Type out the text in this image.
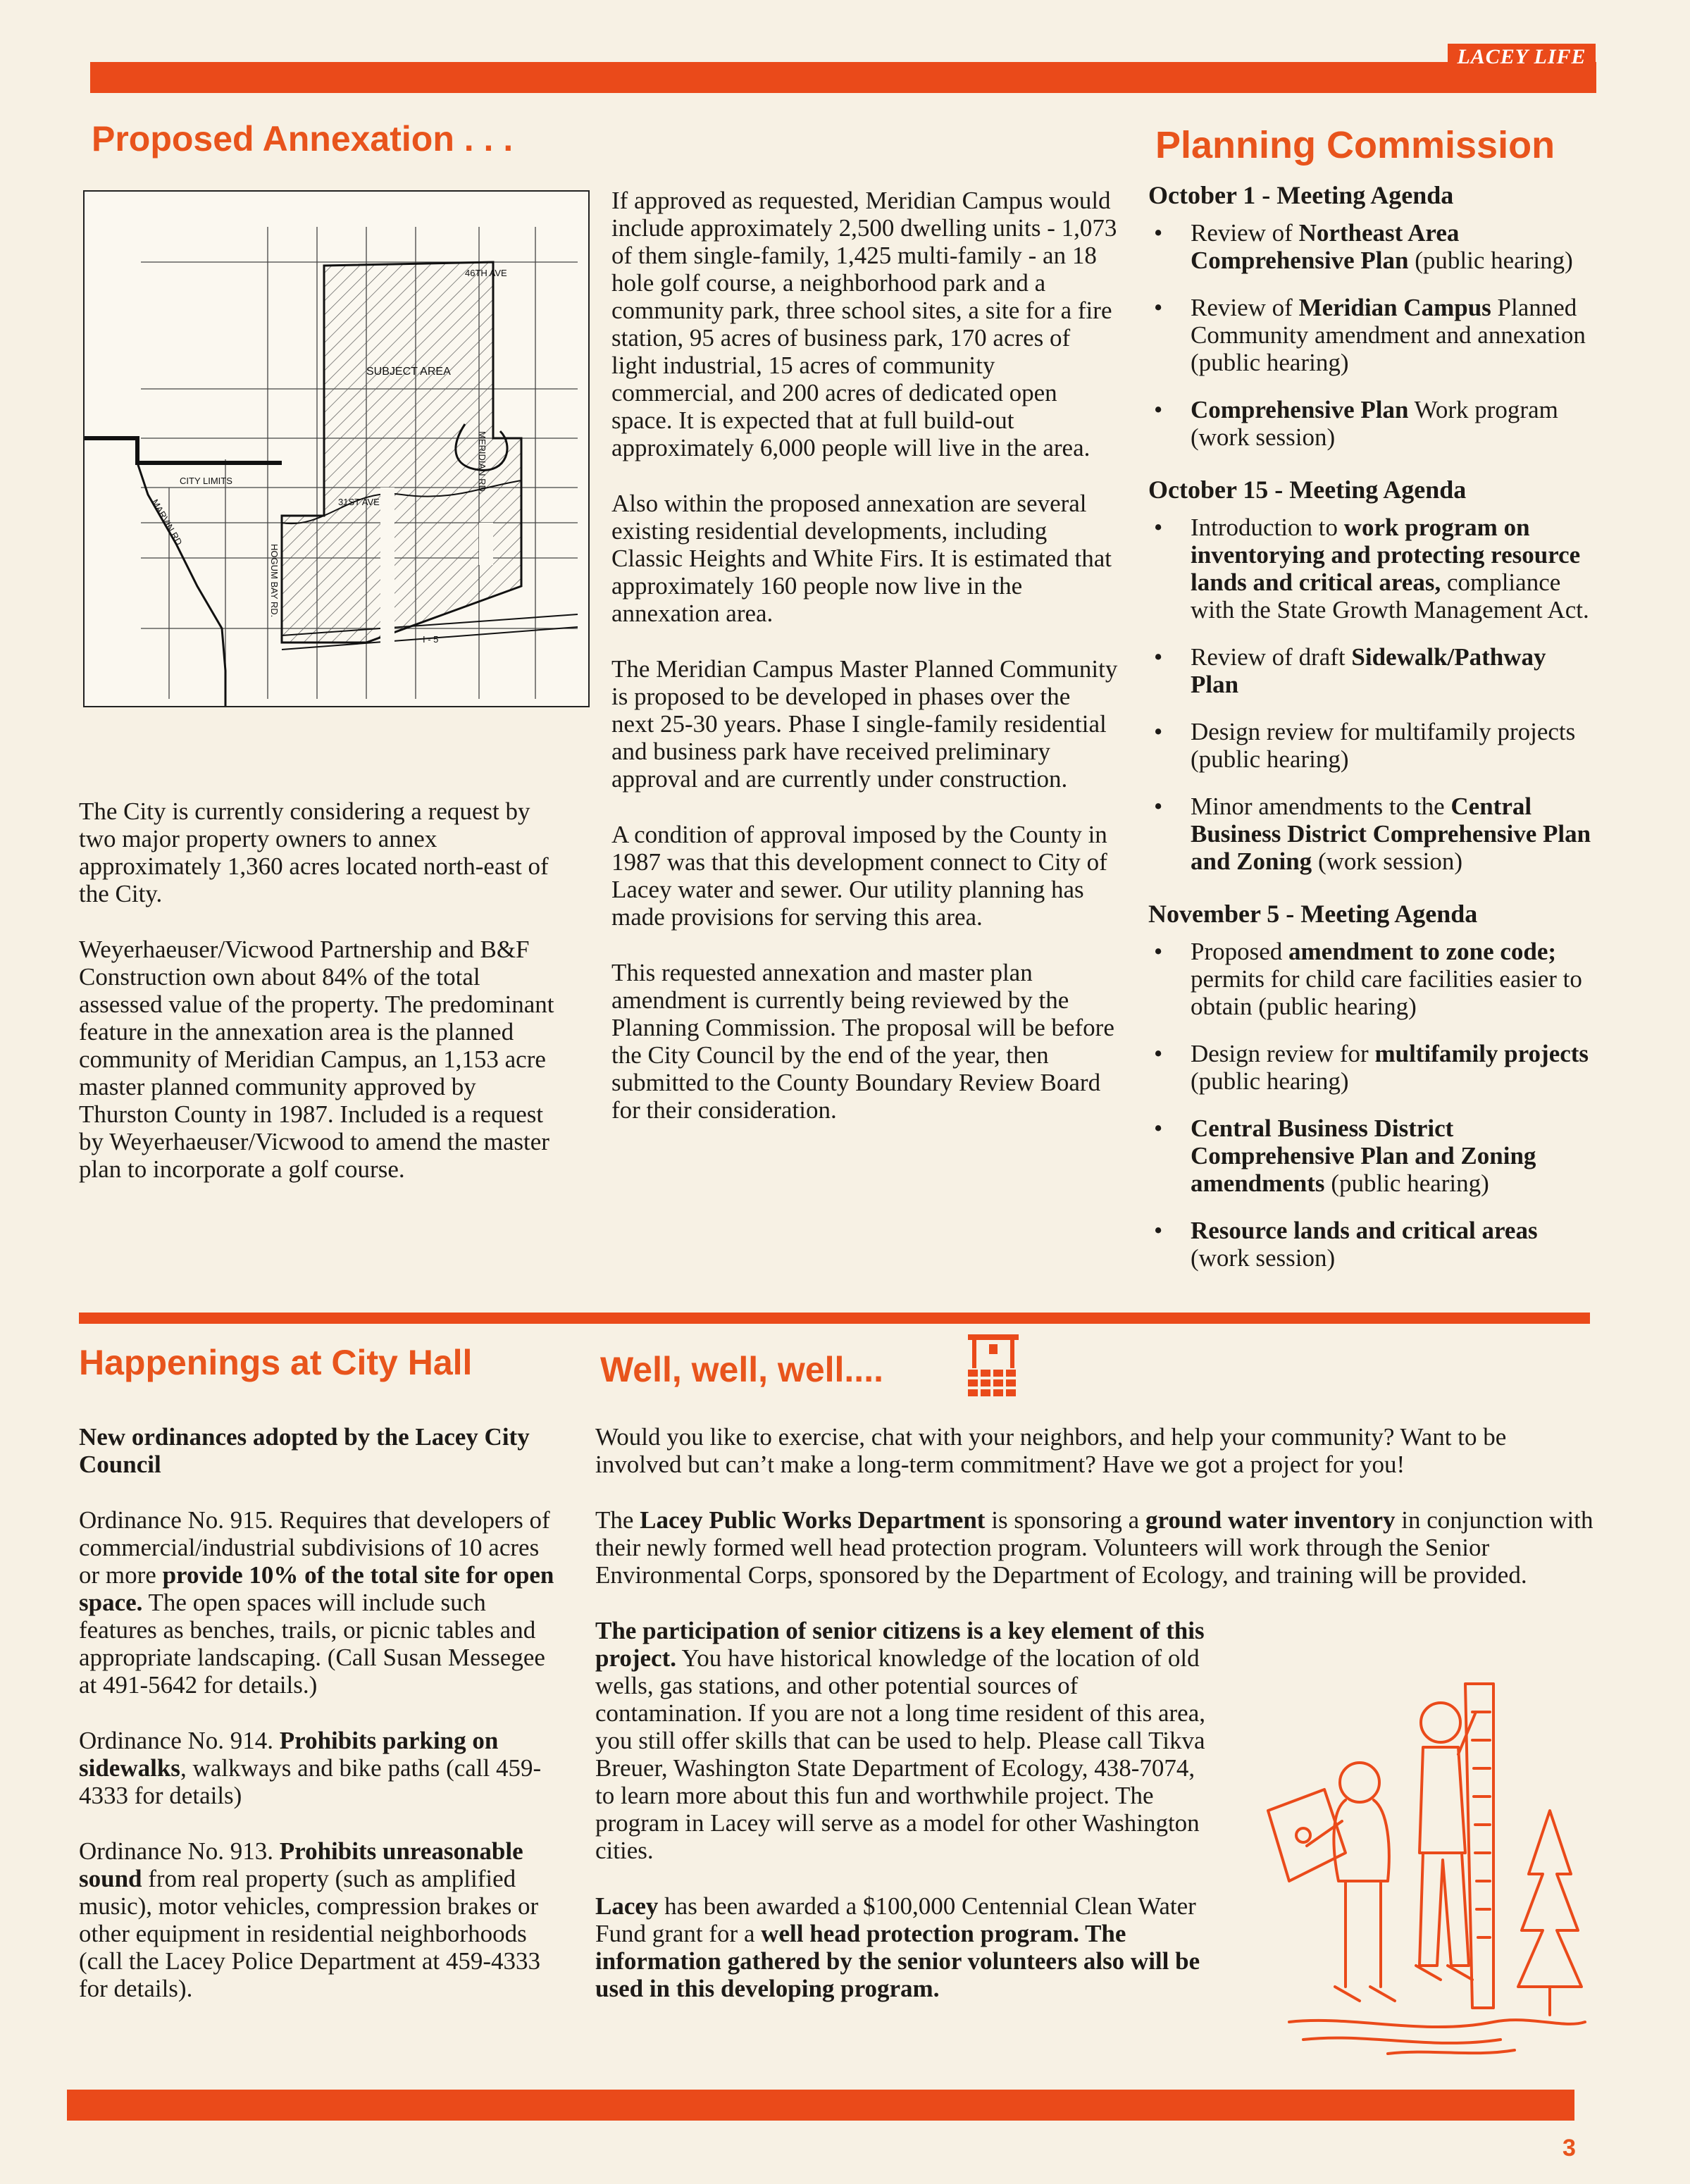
LACEY LIFE
Proposed Annexation . . .	Planning Commission
SUBJECT AREA
CITY LIMITS
31ST AVE
46TH AVE
MERIDIAN RD.
I - 5
MARVIN RD.
HOGUM BAY RD.

The City is currently considering a request by two major property owners to annex approximately 1,360 acres located north-east of the City.

Weyerhaeuser/Vicwood Partnership and B&F Construction own about 84% of the total assessed value of the property. The predominant feature in the annexation area is the planned community of Meridian Campus, an 1,153 acre master planned community approved by Thurston County in 1987. Included is a request by Weyerhaeuser/Vicwood to amend the master plan to incorporate a golf course.

If approved as requested, Meridian Campus would include approximately 2,500 dwelling units - 1,073 of them single-family, 1,425 multi-family - an 18 hole golf course, a neighborhood park and a community park, three school sites, a site for a fire station, 95 acres of business park, 170 acres of light industrial, 15 acres of community commercial, and 200 acres of dedicated open space. It is expected that at full build-out approximately 6,000 people will live in the area.

Also within the proposed annexation are several existing residential developments, including Classic Heights and White Firs. It is estimated that approximately 160 people now live in the annexation area.

The Meridian Campus Master Planned Community is proposed to be developed in phases over the next 25-30 years. Phase I single-family residential and business park have received preliminary approval and are currently under construction.

A condition of approval imposed by the County in 1987 was that this development connect to City of Lacey water and sewer. Our utility planning has made provisions for serving this area.

This requested annexation and master plan amendment is currently being reviewed by the Planning Commission. The proposal will be before the City Council by the end of the year, then submitted to the County Boundary Review Board for their consideration.

October 1 - Meeting Agenda
• Review of Northeast Area Comprehensive Plan (public hearing)
• Review of Meridian Campus Planned Community amendment and annexation (public hearing)
• Comprehensive Plan Work program (work session)
October 15 - Meeting Agenda
• Introduction to work program on inventorying and protecting resource lands and critical areas, compliance with the State Growth Management Act.
• Review of draft Sidewalk/Pathway Plan
• Design review for multifamily projects (public hearing)
• Minor amendments to the Central Business District Comprehensive Plan and Zoning (work session)
November 5 - Meeting Agenda
• Proposed amendment to zone code; permits for child care facilities easier to obtain (public hearing)
• Design review for multifamily projects (public hearing)
• Central Business District Comprehensive Plan and Zoning amendments (public hearing)
• Resource lands and critical areas (work session)
Happenings at City Hall	Well, well, well....

New ordinances adopted by the Lacey City Council

Ordinance No. 915. Requires that developers of commercial/industrial subdivisions of 10 acres or more provide 10% of the total site for open space. The open spaces will include such features as benches, trails, or picnic tables and appropriate landscaping. (Call Susan Messegee at 491-5642 for details.)

Ordinance No. 914. Prohibits parking on sidewalks, walkways and bike paths (call 459-4333 for details)

Ordinance No. 913. Prohibits unreasonable sound from real property (such as amplified music), motor vehicles, compression brakes or other equipment in residential neighborhoods (call the Lacey Police Department at 459-4333 for details).

Would you like to exercise, chat with your neighbors, and help your community? Want to be involved but can’t make a long-term commitment? Have we got a project for you!

The Lacey Public Works Department is sponsoring a ground water inventory in conjunction with their newly formed well head protection program. Volunteers will work through the Senior Environmental Corps, sponsored by the Department of Ecology, and training will be provided.

The participation of senior citizens is a key element of this project. You have historical knowledge of the location of old wells, gas stations, and other potential sources of contamination. If you are not a long time resident of this area, you still offer skills that can be used to help. Please call Tikva Breuer, Washington State Department of Ecology, 438-7074, to learn more about this fun and worthwhile project. The program in Lacey will serve as a model for other Washington cities.

Lacey has been awarded a $100,000 Centennial Clean Water Fund grant for a well head protection program. The information gathered by the senior volunteers also will be used in this developing program.

3
